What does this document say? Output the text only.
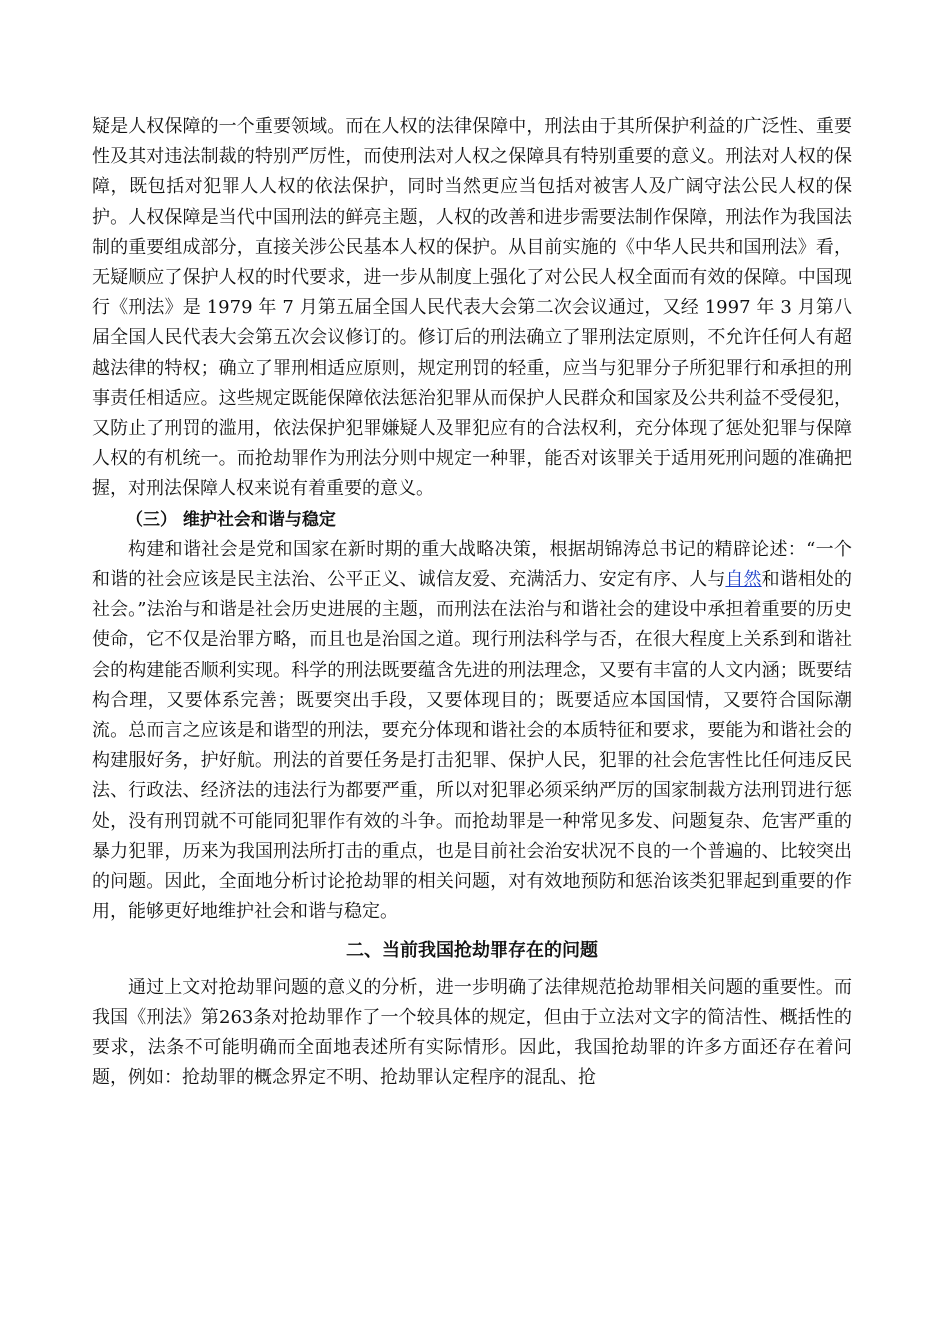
疑是人权保障的一个重要领域。而在人权的法律保障中，刑法由于其所保护利益的广泛性、重要性及其对违法制裁的特别严厉性，而使刑法对人权之保障具有特别重要的意义。刑法对人权的保障，既包括对犯罪人人权的依法保护，同时当然更应当包括对被害人及广阔守法公民人权的保护。人权保障是当代中国刑法的鲜亮主题，人权的改善和进步需要法制作保障，刑法作为我国法制的重要组成部分，直接关涉公民基本人权的保护。从目前实施的《中华人民共和国刑法》看，无疑顺应了保护人权的时代要求，进一步从制度上强化了对公民人权全面而有效的保障。中国现行《刑法》是 1979 年 7 月第五届全国人民代表大会第二次会议通过，又经 1997 年 3 月第八届全国人民代表大会第五次会议修订的。修订后的刑法确立了罪刑法定原则，不允许任何人有超越法律的特权；确立了罪刑相适应原则，规定刑罚的轻重，应当与犯罪分子所犯罪行和承担的刑事责任相适应。这些规定既能保障依法惩治犯罪从而保护人民群众和国家及公共利益不受侵犯，又防止了刑罚的滥用，依法保护犯罪嫌疑人及罪犯应有的合法权利，充分体现了惩处犯罪与保障人权的有机统一。而抢劫罪作为刑法分则中规定一种罪，能否对该罪关于适用死刑问题的准确把握，对刑法保障人权来说有着重要的意义。

（三） 维护社会和谐与稳定

构建和谐社会是党和国家在新时期的重大战略决策，根据胡锦涛总书记的精辟论述：“一个和谐的社会应该是民主法治、公平正义、诚信友爱、充满活力、安定有序、人与自然和谐相处的社会。”法治与和谐是社会历史进展的主题，而刑法在法治与和谐社会的建设中承担着重要的历史使命，它不仅是治罪方略，而且也是治国之道。现行刑法科学与否，在很大程度上关系到和谐社会的构建能否顺利实现。科学的刑法既要蕴含先进的刑法理念，又要有丰富的人文内涵；既要结构合理，又要体系完善；既要突出手段，又要体现目的；既要适应本国国情，又要符合国际潮流。总而言之应该是和谐型的刑法，要充分体现和谐社会的本质特征和要求，要能为和谐社会的构建服好务，护好航。刑法的首要任务是打击犯罪、保护人民，犯罪的社会危害性比任何违反民法、行政法、经济法的违法行为都要严重，所以对犯罪必须采纳严厉的国家制裁方法刑罚进行惩处，没有刑罚就不可能同犯罪作有效的斗争。而抢劫罪是一种常见多发、问题复杂、危害严重的暴力犯罪，历来为我国刑法所打击的重点，也是目前社会治安状况不良的一个普遍的、比较突出的问题。因此，全面地分析讨论抢劫罪的相关问题，对有效地预防和惩治该类犯罪起到重要的作用，能够更好地维护社会和谐与稳定。

二、当前我国抢劫罪存在的问题

通过上文对抢劫罪问题的意义的分析，进一步明确了法律规范抢劫罪相关问题的重要性。而我国《刑法》第263条对抢劫罪作了一个较具体的规定，但由于立法对文字的简洁性、概括性的要求，法条不可能明确而全面地表述所有实际情形。因此，我国抢劫罪的许多方面还存在着问题，例如：抢劫罪的概念界定不明、抢劫罪认定程序的混乱、抢
